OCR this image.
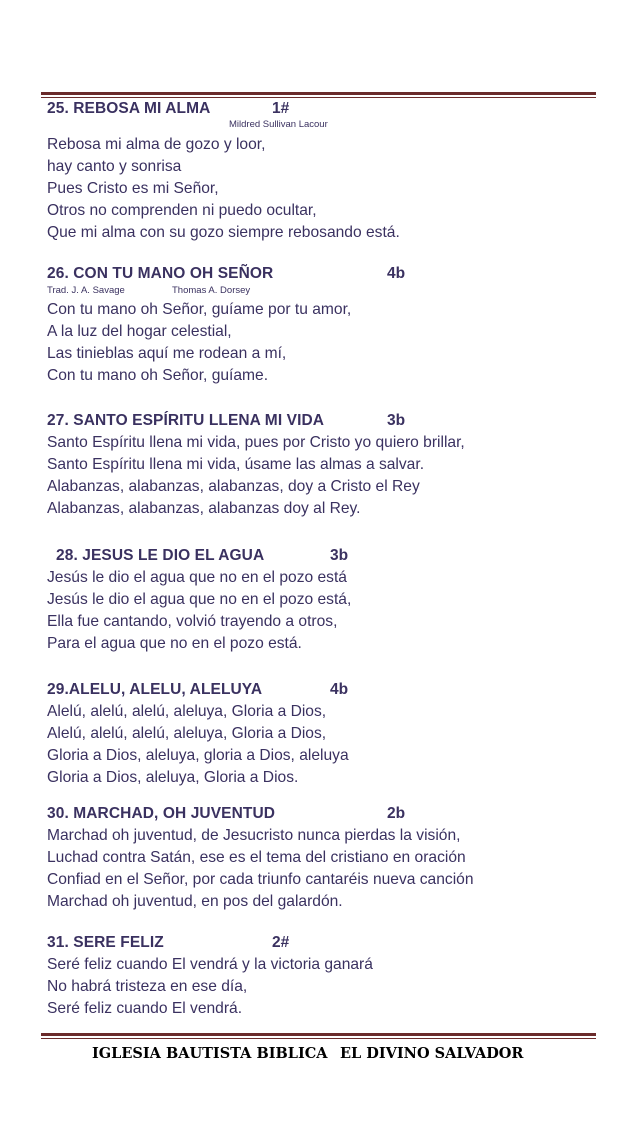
25. REBOSA MI ALMA	1#
Mildred Sullivan Lacour
Rebosa mi alma de gozo y loor,
hay canto y sonrisa
Pues Cristo es mi Señor,
Otros no comprenden ni puedo ocultar,
Que mi alma con su gozo siempre rebosando está.
26. CON TU MANO OH SEÑOR	4b
Trad. J. A. Savage	Thomas A. Dorsey
Con tu mano oh Señor, guíame por tu amor,
A la luz del hogar celestial,
Las tinieblas aquí me rodean a mí,
Con tu mano oh Señor, guíame.
27. SANTO ESPÍRITU LLENA MI VIDA	3b
Santo Espíritu llena mi vida, pues por Cristo yo quiero brillar,
Santo Espíritu llena mi vida, úsame las almas a salvar.
Alabanzas, alabanzas, alabanzas, doy a Cristo el Rey
Alabanzas, alabanzas, alabanzas doy al Rey.
28. JESUS LE DIO EL AGUA	3b
Jesús le dio el agua que no en el pozo está
Jesús le dio el agua que no en el pozo está,
Ella fue cantando, volvió trayendo a otros,
Para el agua que no en el pozo está.
29.ALELU, ALELU, ALELUYA	4b
Alelú, alelú, alelú, aleluya, Gloria a Dios,
Alelú, alelú, alelú, aleluya, Gloria a Dios,
Gloria a Dios, aleluya, gloria a Dios, aleluya
Gloria a Dios, aleluya, Gloria a Dios.
30. MARCHAD, OH JUVENTUD	2b
Marchad oh juventud, de Jesucristo nunca pierdas la visión,
Luchad contra Satán, ese es el tema del cristiano en oración
Confiad en el Señor, por cada triunfo cantaréis nueva canción
Marchad oh juventud, en pos del galardón.
31. SERE FELIZ	2#
Seré feliz cuando El vendrá y la victoria ganará
No habrá tristeza en ese día,
Seré feliz cuando El vendrá.
IGLESIA BAUTISTA BIBLICA EL DIVINO SALVADOR
